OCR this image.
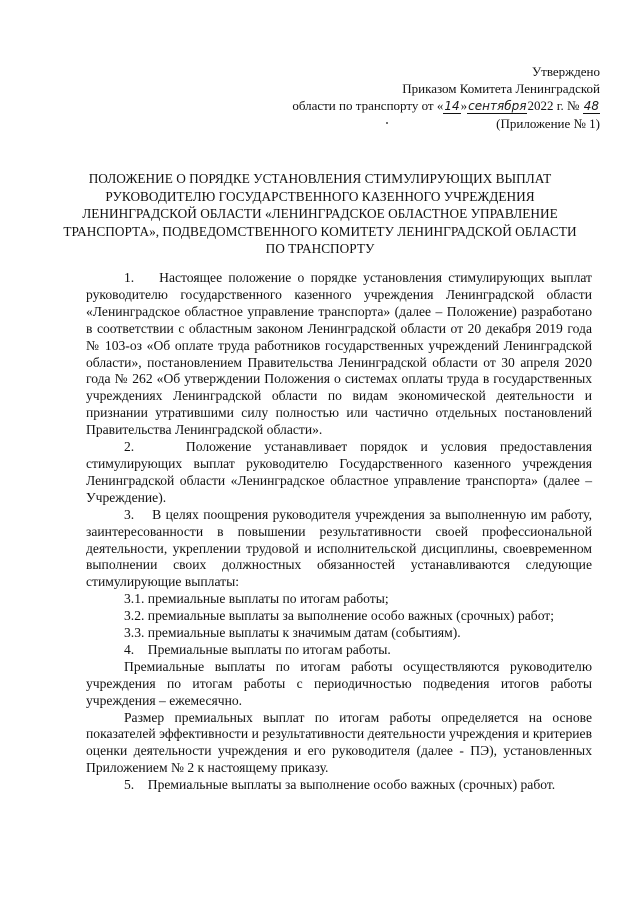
Утверждено
Приказом Комитета Ленинградской
области по транспорту от «14»сентября2022 г. № 48
(Приложение № 1)
ПОЛОЖЕНИЕ О ПОРЯДКЕ УСТАНОВЛЕНИЯ СТИМУЛИРУЮЩИХ ВЫПЛАТ РУКОВОДИТЕЛЮ ГОСУДАРСТВЕННОГО КАЗЕННОГО УЧРЕЖДЕНИЯ ЛЕНИНГРАДСКОЙ ОБЛАСТИ «ЛЕНИНГРАДСКОЕ ОБЛАСТНОЕ УПРАВЛЕНИЕ ТРАНСПОРТА», ПОДВЕДОМСТВЕННОГО КОМИТЕТУ ЛЕНИНГРАДСКОЙ ОБЛАСТИ ПО ТРАНСПОРТУ

1.    Настоящее положение о порядке установления стимулирующих выплат руководителю государственного казенного учреждения Ленинградской области «Ленинградское областное управление транспорта» (далее – Положение) разработано в соответствии с областным законом Ленинградской области от 20 декабря 2019 года № 103-оз «Об оплате труда работников государственных учреждений Ленинградской области», постановлением Правительства Ленинградской области от 30 апреля 2020 года № 262 «Об утверждении Положения о системах оплаты труда в государственных учреждениях Ленинградской области по видам экономической деятельности и признании утратившими силу полностью или частично отдельных постановлений Правительства Ленинградской области».

2.    Положение устанавливает порядок и условия предоставления стимулирующих выплат руководителю Государственного казенного учреждения Ленинградской области «Ленинградское областное управление транспорта» (далее – Учреждение).

3.    В целях поощрения руководителя учреждения за выполненную им работу, заинтересованности в повышении результативности своей профессиональной деятельности, укреплении трудовой и исполнительской дисциплины, своевременном выполнении своих должностных обязанностей устанавливаются следующие стимулирующие выплаты:

3.1. премиальные выплаты по итогам работы;

3.2. премиальные выплаты за выполнение особо важных (срочных) работ;

3.3. премиальные выплаты к значимым датам (событиям).

4.    Премиальные выплаты по итогам работы.

Премиальные выплаты по итогам работы осуществляются руководителю учреждения по итогам работы с периодичностью подведения итогов работы учреждения – ежемесячно.

Размер премиальных выплат по итогам работы определяется на основе показателей эффективности и результативности деятельности учреждения и критериев оценки деятельности учреждения и его руководителя (далее - ПЭ), установленных Приложением № 2 к настоящему приказу.

5.    Премиальные выплаты за выполнение особо важных (срочных) работ.
